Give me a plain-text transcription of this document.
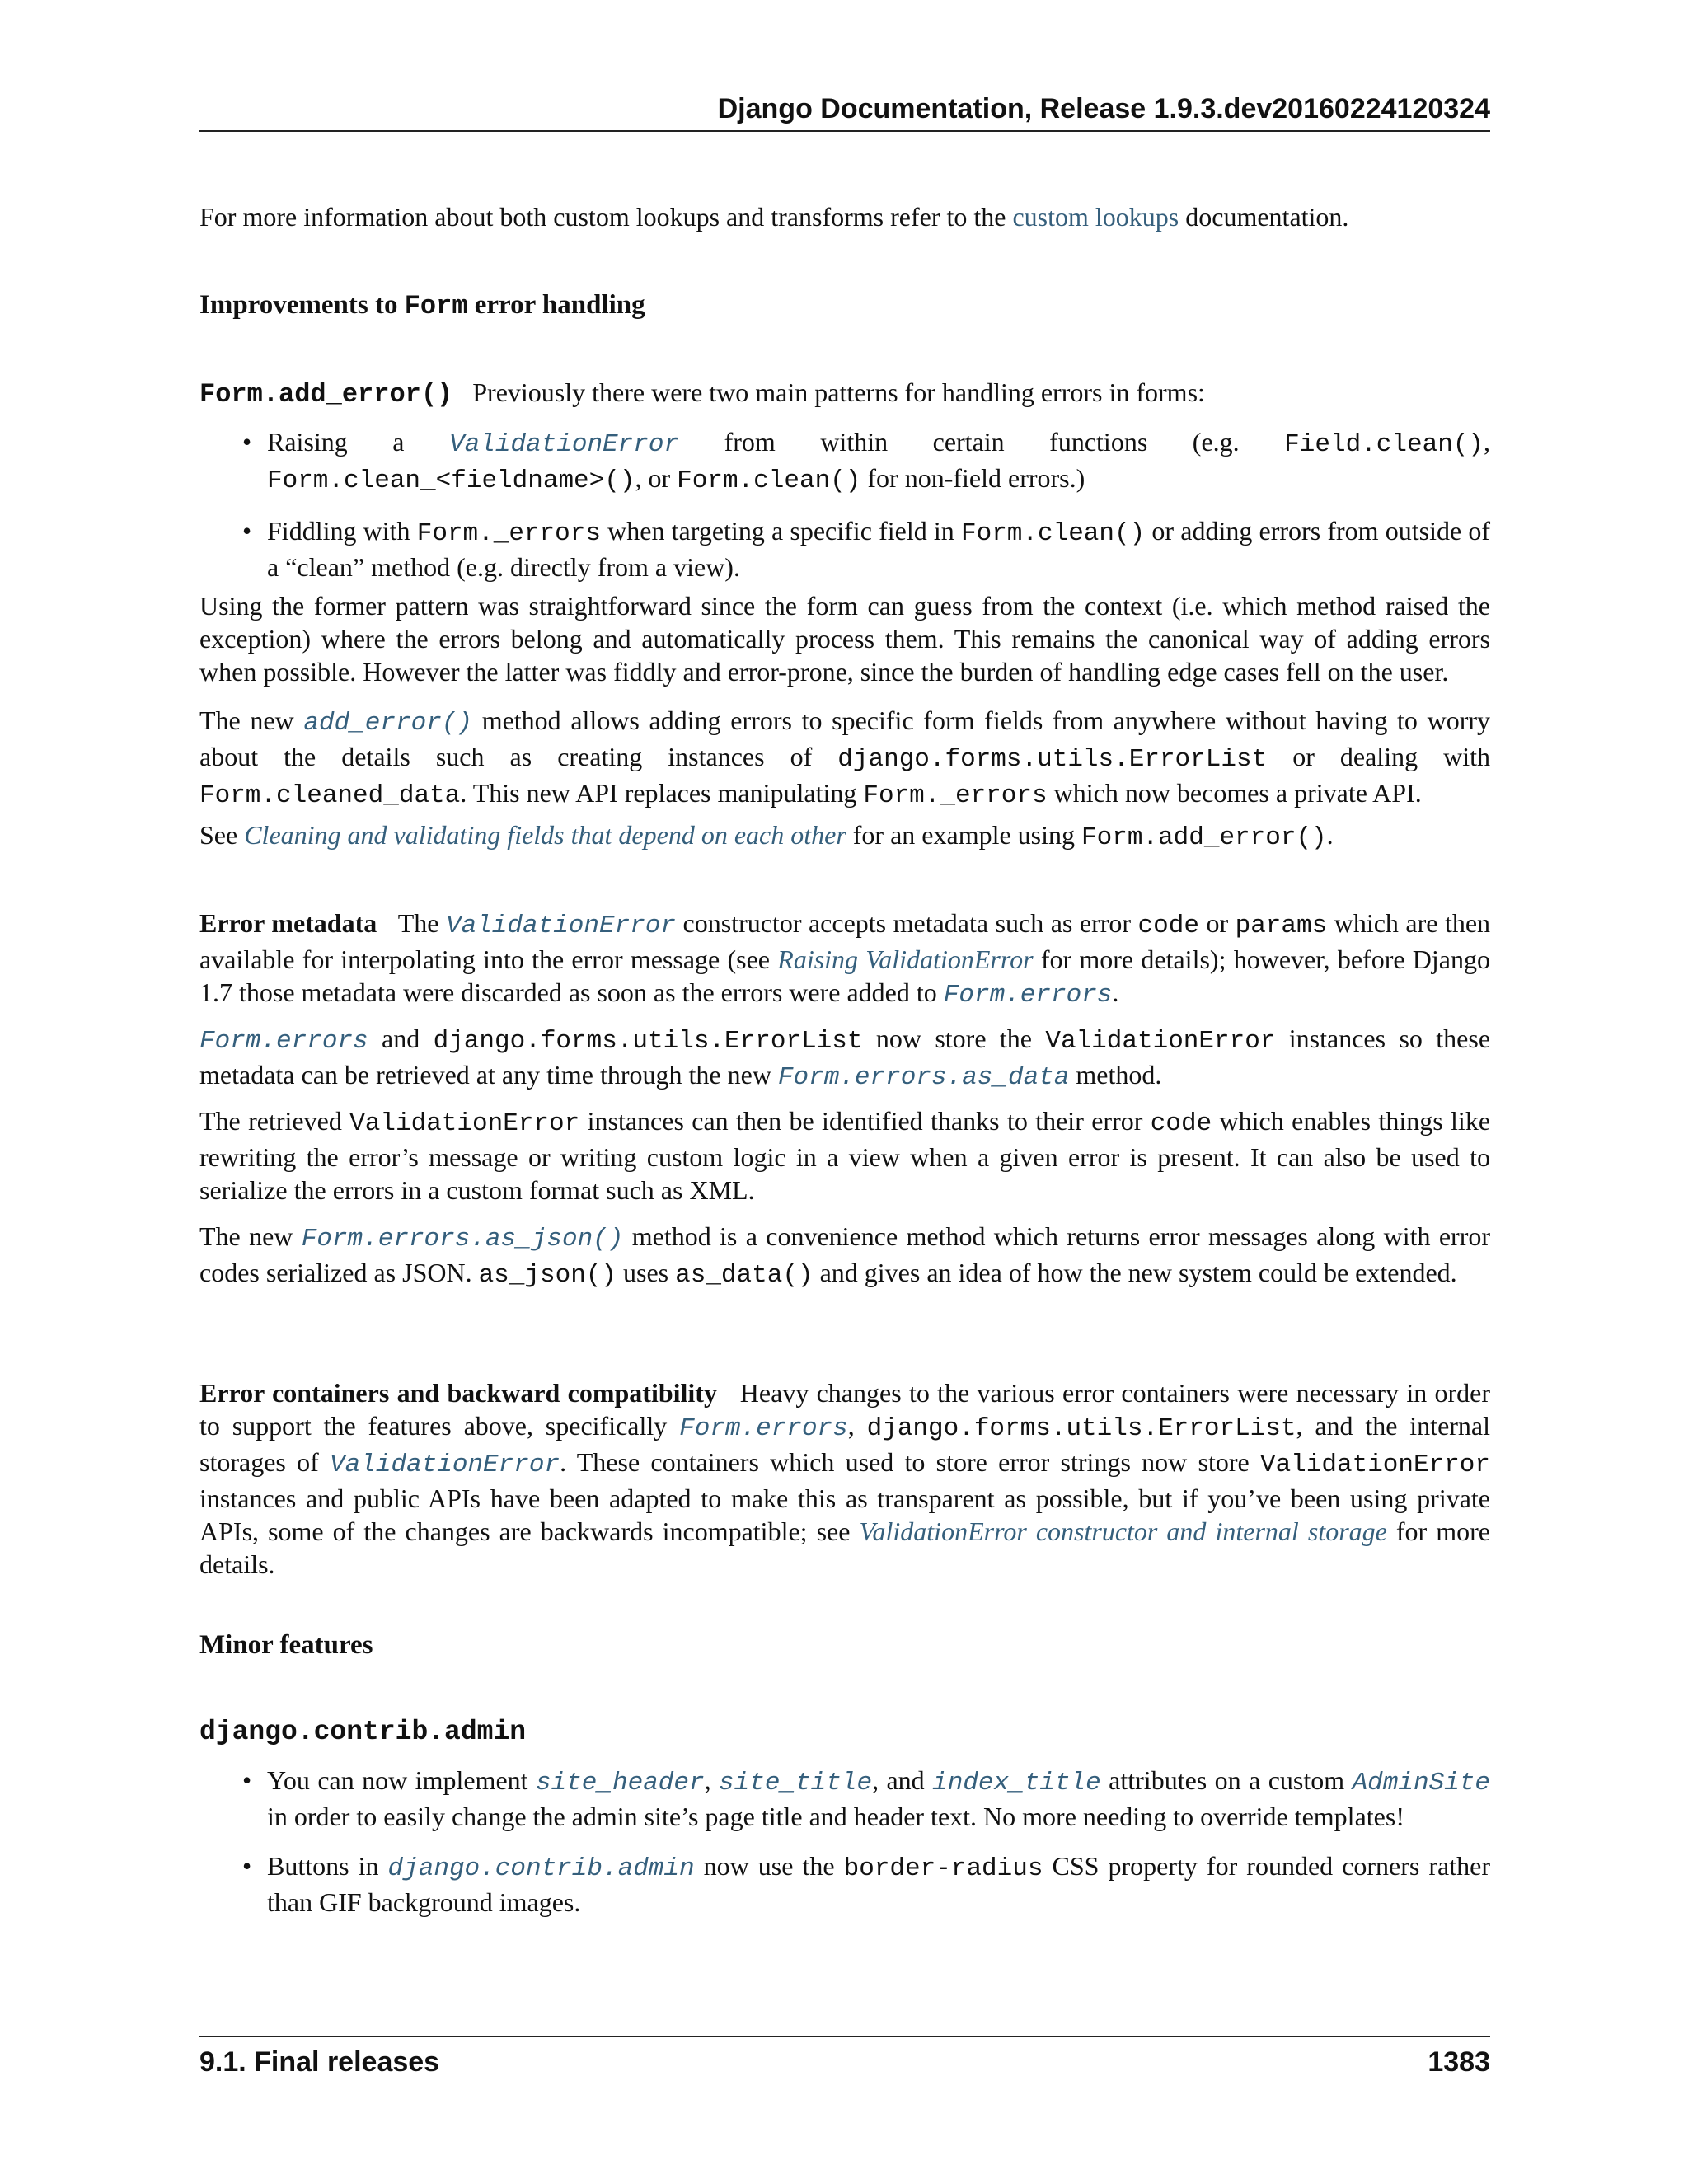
Django Documentation, Release 1.9.3.dev20160224120324

For more information about both custom lookups and transforms refer to the custom lookups documentation.

Improvements to Form error handling

Form.add_error() Previously there were two main patterns for handling errors in forms:

• Raising a ValidationError from within certain functions (e.g. Field.clean(), Form.clean_<fieldname>(), or Form.clean() for non-field errors.)
• Fiddling with Form._errors when targeting a specific field in Form.clean() or adding errors from outside of a “clean” method (e.g. directly from a view).

Using the former pattern was straightforward since the form can guess from the context (i.e. which method raised the exception) where the errors belong and automatically process them. This remains the canonical way of adding errors when possible. However the latter was fiddly and error-prone, since the burden of handling edge cases fell on the user.

The new add_error() method allows adding errors to specific form fields from anywhere without having to worry about the details such as creating instances of django.forms.utils.ErrorList or dealing with Form.cleaned_data. This new API replaces manipulating Form._errors which now becomes a private API.

See Cleaning and validating fields that depend on each other for an example using Form.add_error().

Error metadata The ValidationError constructor accepts metadata such as error code or params which are then available for interpolating into the error message (see Raising ValidationError for more details); however, before Django 1.7 those metadata were discarded as soon as the errors were added to Form.errors.

Form.errors and django.forms.utils.ErrorList now store the ValidationError instances so these metadata can be retrieved at any time through the new Form.errors.as_data method.

The retrieved ValidationError instances can then be identified thanks to their error code which enables things like rewriting the error’s message or writing custom logic in a view when a given error is present. It can also be used to serialize the errors in a custom format such as XML.

The new Form.errors.as_json() method is a convenience method which returns error messages along with error codes serialized as JSON. as_json() uses as_data() and gives an idea of how the new system could be extended.

Error containers and backward compatibility Heavy changes to the various error containers were necessary in order to support the features above, specifically Form.errors, django.forms.utils.ErrorList, and the internal storages of ValidationError. These containers which used to store error strings now store ValidationError instances and public APIs have been adapted to make this as transparent as possible, but if you’ve been using private APIs, some of the changes are backwards incompatible; see ValidationError constructor and internal storage for more details.

Minor features
django.contrib.admin
• You can now implement site_header, site_title, and index_title attributes on a custom AdminSite in order to easily change the admin site’s page title and header text. No more needing to override templates!
• Buttons in django.contrib.admin now use the border-radius CSS property for rounded corners rather than GIF background images.
9.1. Final releases	1383
